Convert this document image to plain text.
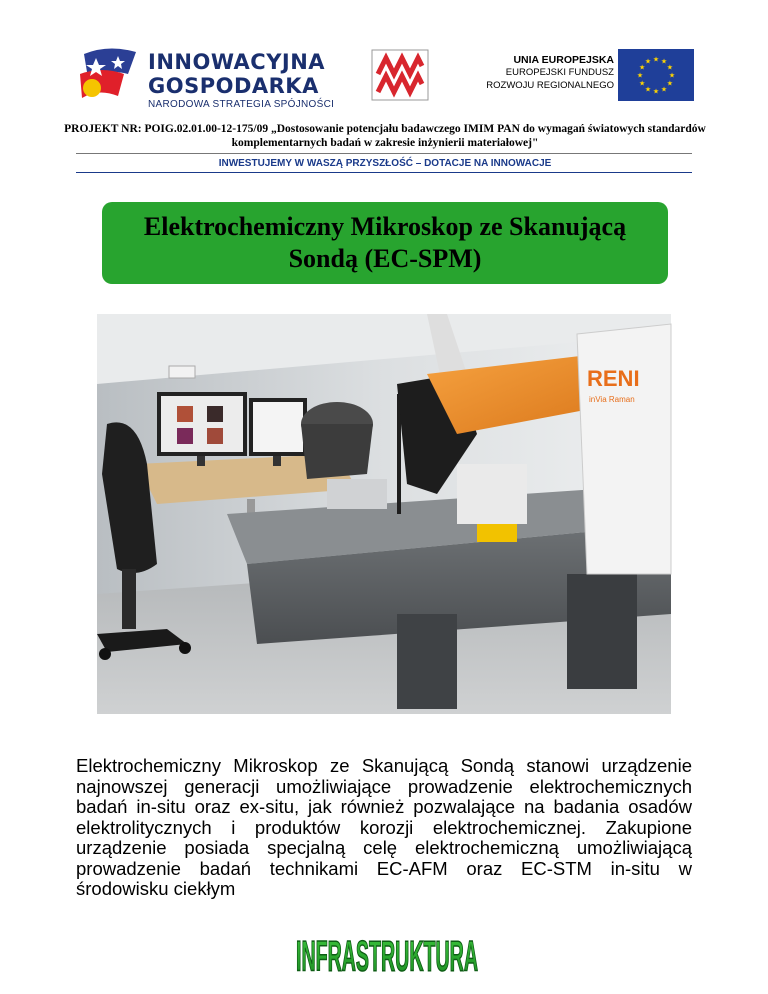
INNOWACYJNA
GOSPODARKA
NARODOWA STRATEGIA SPÓJNOŚCI
UNIA EUROPEJSKA
EUROPEJSKI FUNDUSZ
ROZWOJU REGIONALNEGO
★ ★
★
★
★
★
★
★
★
★
★
★
PROJEKT NR: POIG.02.01.00-12-175/09 „Dostosowanie potencjału badawczego IMIM PAN do wymagań światowych standardów komplementarnych badań w zakresie inżynierii materiałowej"
INWESTUJEMY W WASZĄ PRZYSZŁOŚĆ – DOTACJE NA INNOWACJE
Elektrochemiczny Mikroskop ze Skanującą Sondą (EC-SPM)
RENI
inVia Raman
Elektrochemiczny Mikroskop ze Skanującą Sondą stanowi urządzenie najnowszej generacji umożliwiające prowadzenie elektrochemicznych badań in-situ oraz ex-situ, jak również pozwalające na badania osadów elektrolitycznych i produktów korozji elektrochemicznej. Zakupione urządzenie posiada specjalną celę elektrochemiczną umożliwiającą prowadzenie badań technikami EC-AFM oraz EC-STM in-situ w środowisku ciekłym
INFRASTRUKTURA
